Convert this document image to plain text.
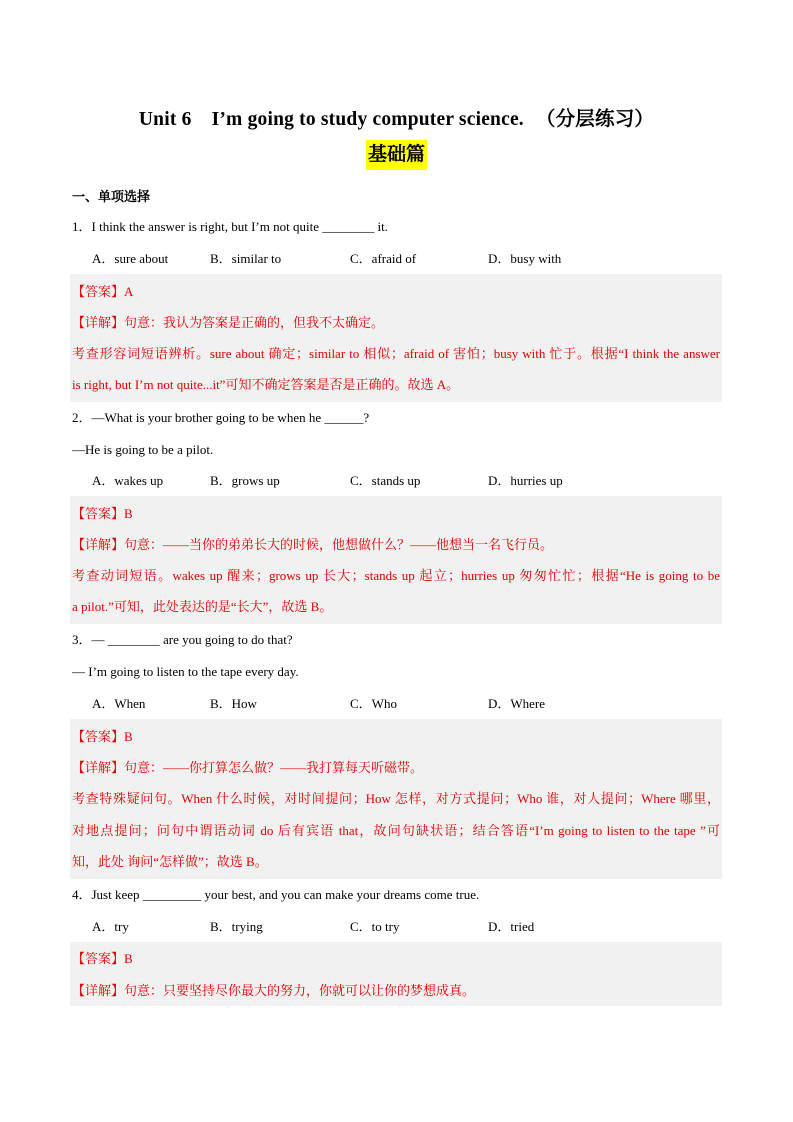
Unit 6 I’m going to study computer science. （分层练习）
基础篇
一、单项选择
1．I think the answer is right, but I’m not quite ________ it.
A．sure about	B．similar to	C．afraid of	D．busy with
【答案】A
【详解】句意：我认为答案是正确的，但我不太确定。
考查形容词短语辨析。sure about 确定；similar to 相似；afraid of 害怕；busy with 忙于。根据“I think the answer
is right, but I’m not quite...it”可知不确定答案是否是正确的。故选 A。
2．—What is your brother going to be when he ______?
—He is going to be a pilot.
A．wakes up	B．grows up	C．stands up	D．hurries up
【答案】B
【详解】句意：——当你的弟弟长大的时候，他想做什么？——他想当一名飞行员。
考查动词短语。wakes up 醒来；grows up 长大；stands up 起立；hurries up 匆匆忙忙；根据“He is going to be
a pilot.”可知，此处表达的是“长大”，故选 B。
3．— ________ are you going to do that?
— I’m going to listen to the tape every day.
A．When	B．How	C．Who	D．Where
【答案】B
【详解】句意：——你打算怎么做？——我打算每天听磁带。
考查特殊疑问句。When 什么时候，对时间提问；How 怎样，对方式提问；Who 谁，对人提问；Where 哪里，
对地点提问；问句中谓语动词 do 后有宾语 that，故问句缺状语；结合答语“I’m going to listen to the tape ”可
知，此处 询问“怎样做”；故选 B。
4．Just keep _________ your best, and you can make your dreams come true.
A．try	B．trying	C．to try	D．tried
【答案】B
【详解】句意：只要坚持尽你最大的努力，你就可以让你的梦想成真。
